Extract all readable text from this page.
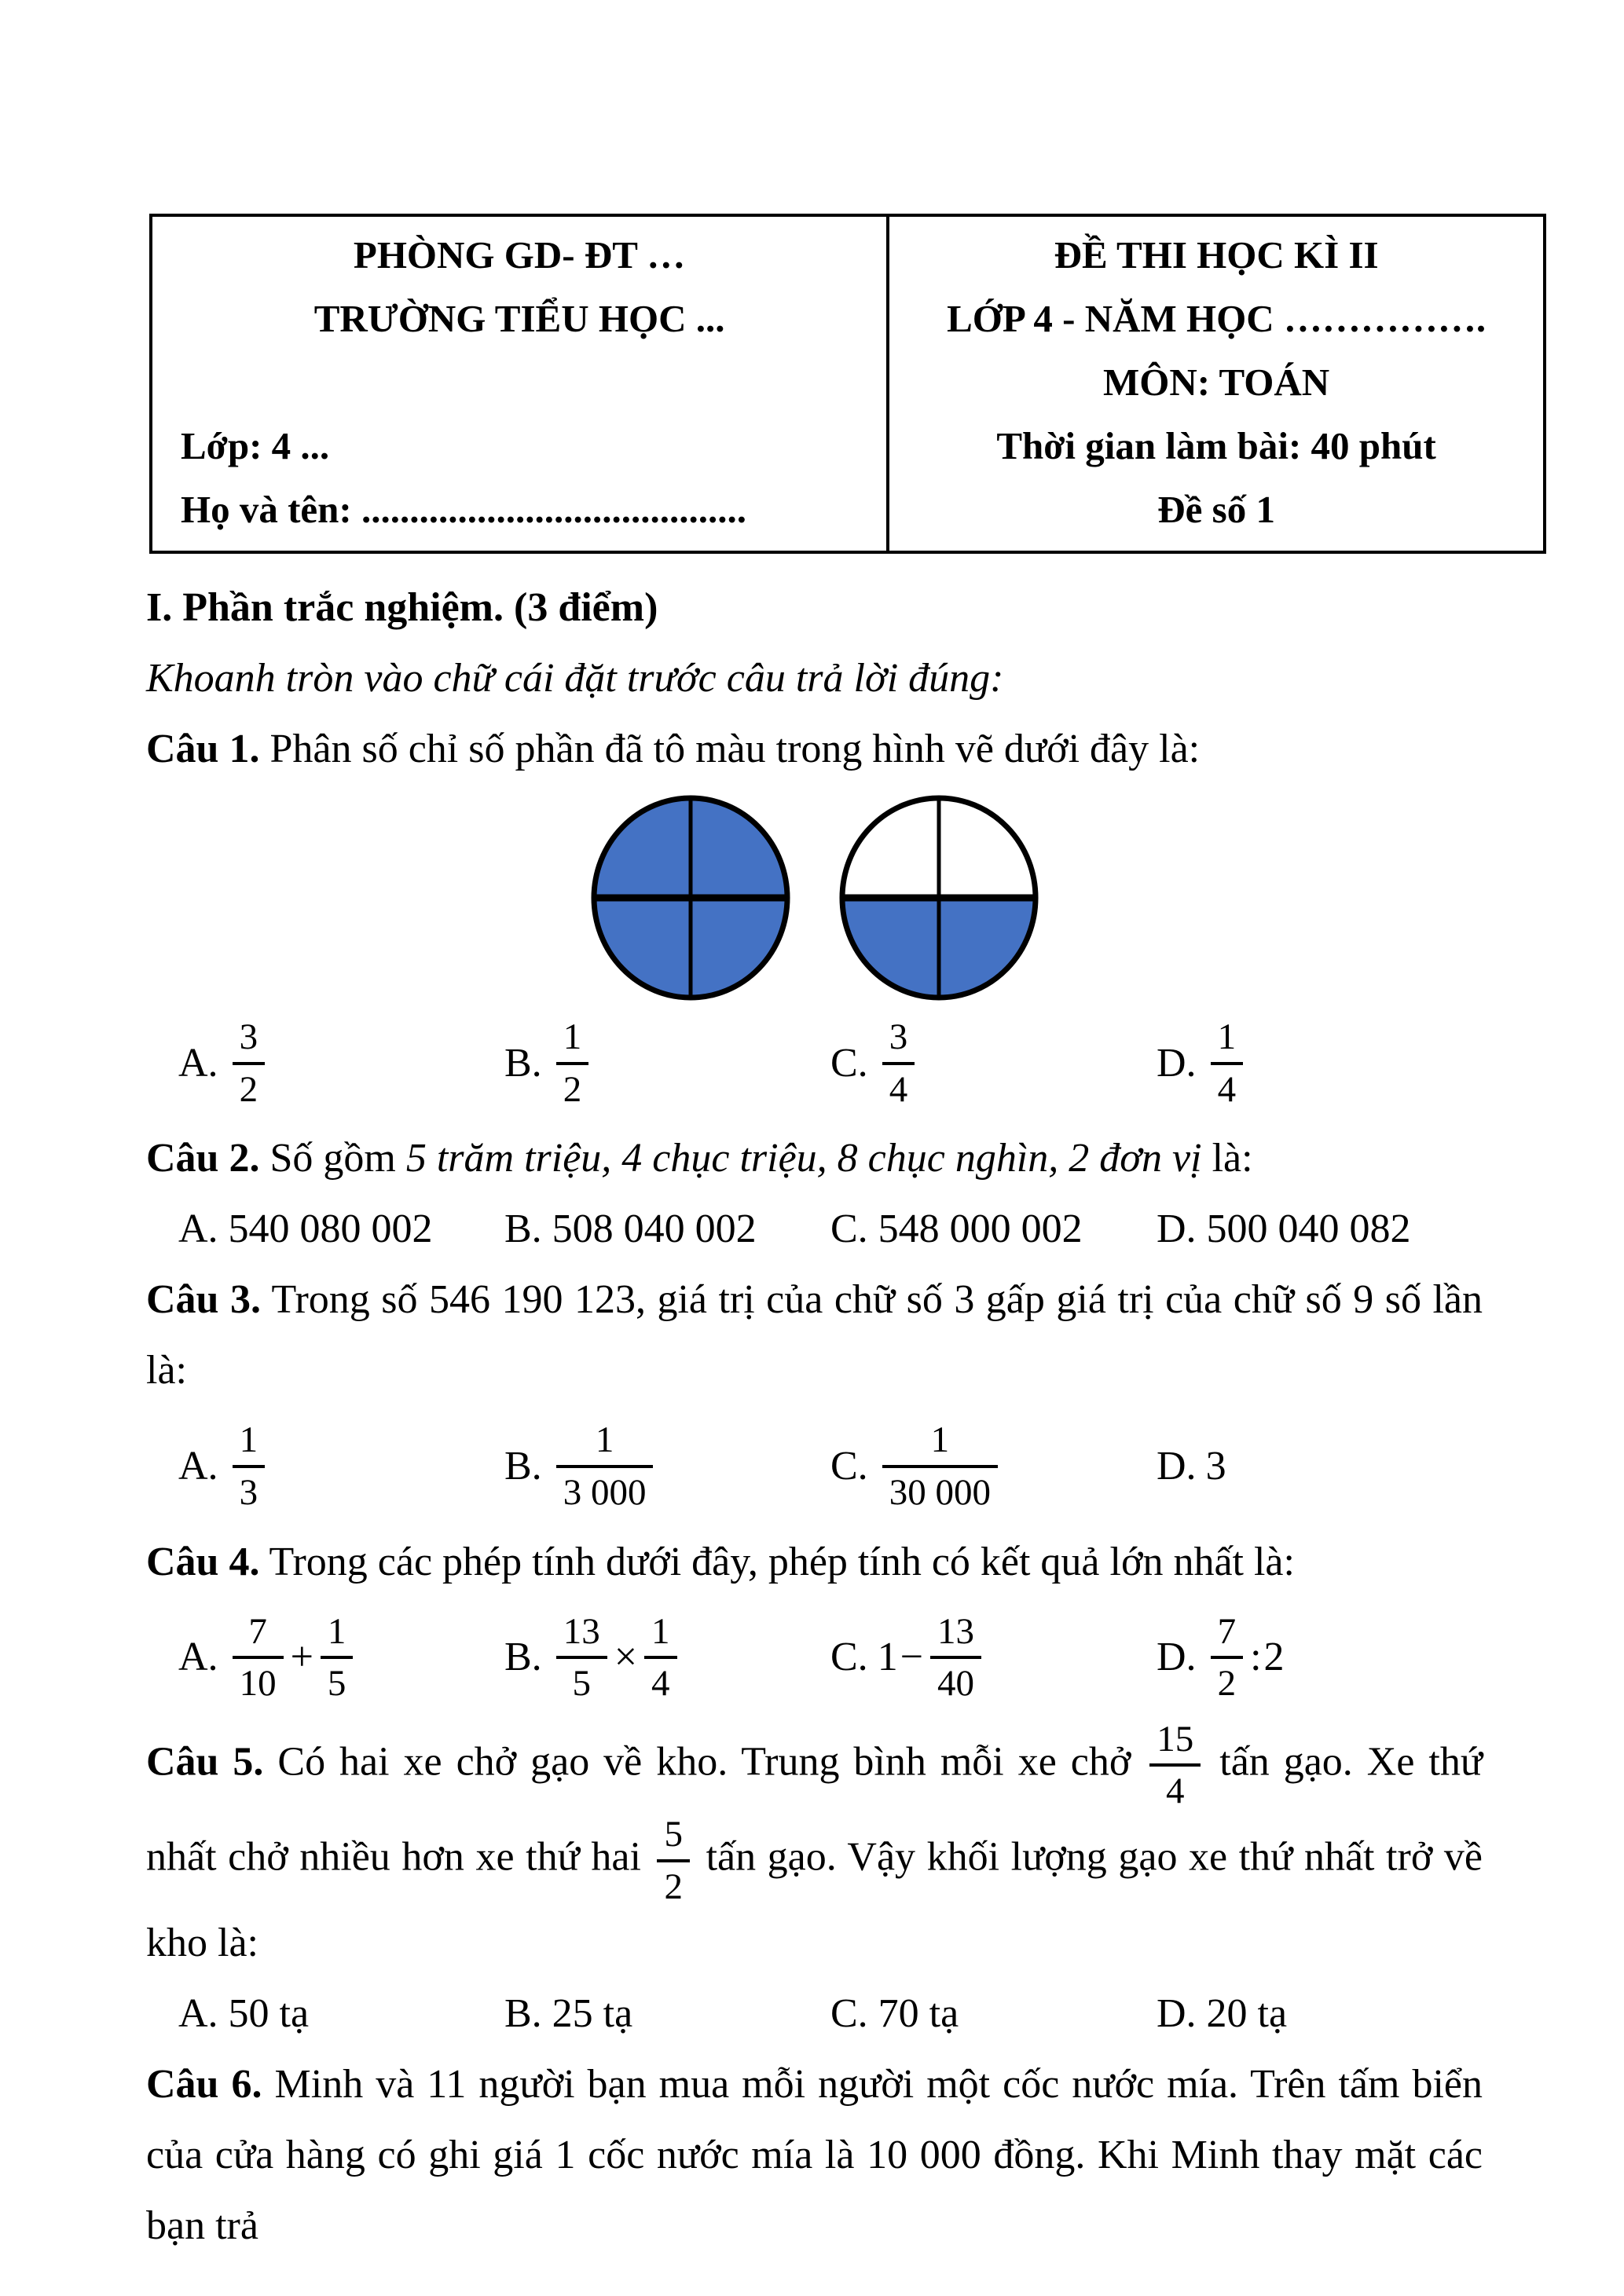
PHÒNG GD- ĐT …

TRƯỜNG TIỂU HỌC ...

Lớp: 4 ...

Họ và tên: ........................................

ĐỀ THI HỌC KÌ II

LỚP 4 - NĂM HỌC …………….

MÔN: TOÁN

Thời gian làm bài: 40 phút

Đề số 1

I. Phần trắc nghiệm. (3 điểm)

Khoanh tròn vào chữ cái đặt trước câu trả lời đúng:

Câu 1. Phân số chỉ số phần đã tô màu trong hình vẽ dưới đây là:

A. $\frac{3}{2}$	B. $\frac{1}{2}$	C. $\frac{3}{4}$	D. $\frac{1}{4}$

Câu 2. Số gồm 5 trăm triệu, 4 chục triệu, 8 chục nghìn, 2 đơn vị là:

A. 540 080 002 B. 508 040 002 C. 548 000 002 D. 500 040 082

Câu 3. Trong số 546 190 123, giá trị của chữ số 3 gấp giá trị của chữ số 9 số lần là:

A. $\frac{1}{3}$	B. $\frac{1}{3 000}$	C. $\frac{1}{30 000}$	D. 3

Câu 4. Trong các phép tính dưới đây, phép tính có kết quả lớn nhất là:

A. $\frac{7}{10} + \frac{1}{5}$	B. $\frac{13}{5} \times \frac{1}{4}$	C. $1 - \frac{13}{40}$	D. $\frac{7}{2}$ : 2

Câu 5. Có hai xe chở gạo về kho. Trung bình mỗi xe chở $\frac{15}{4}$ tấn gạo. Xe thứ nhất chở nhiều hơn xe thứ hai $\frac{5}{2}$ tấn gạo. Vậy khối lượng gạo xe thứ nhất trở về kho là:

A. 50 tạ	B. 25 tạ	C. 70 tạ	D. 20 tạ

Câu 6. Minh và 11 người bạn mua mỗi người một cốc nước mía. Trên tấm biển của cửa hàng có ghi giá 1 cốc nước mía là 10 000 đồng. Khi Minh thay mặt các bạn trả
